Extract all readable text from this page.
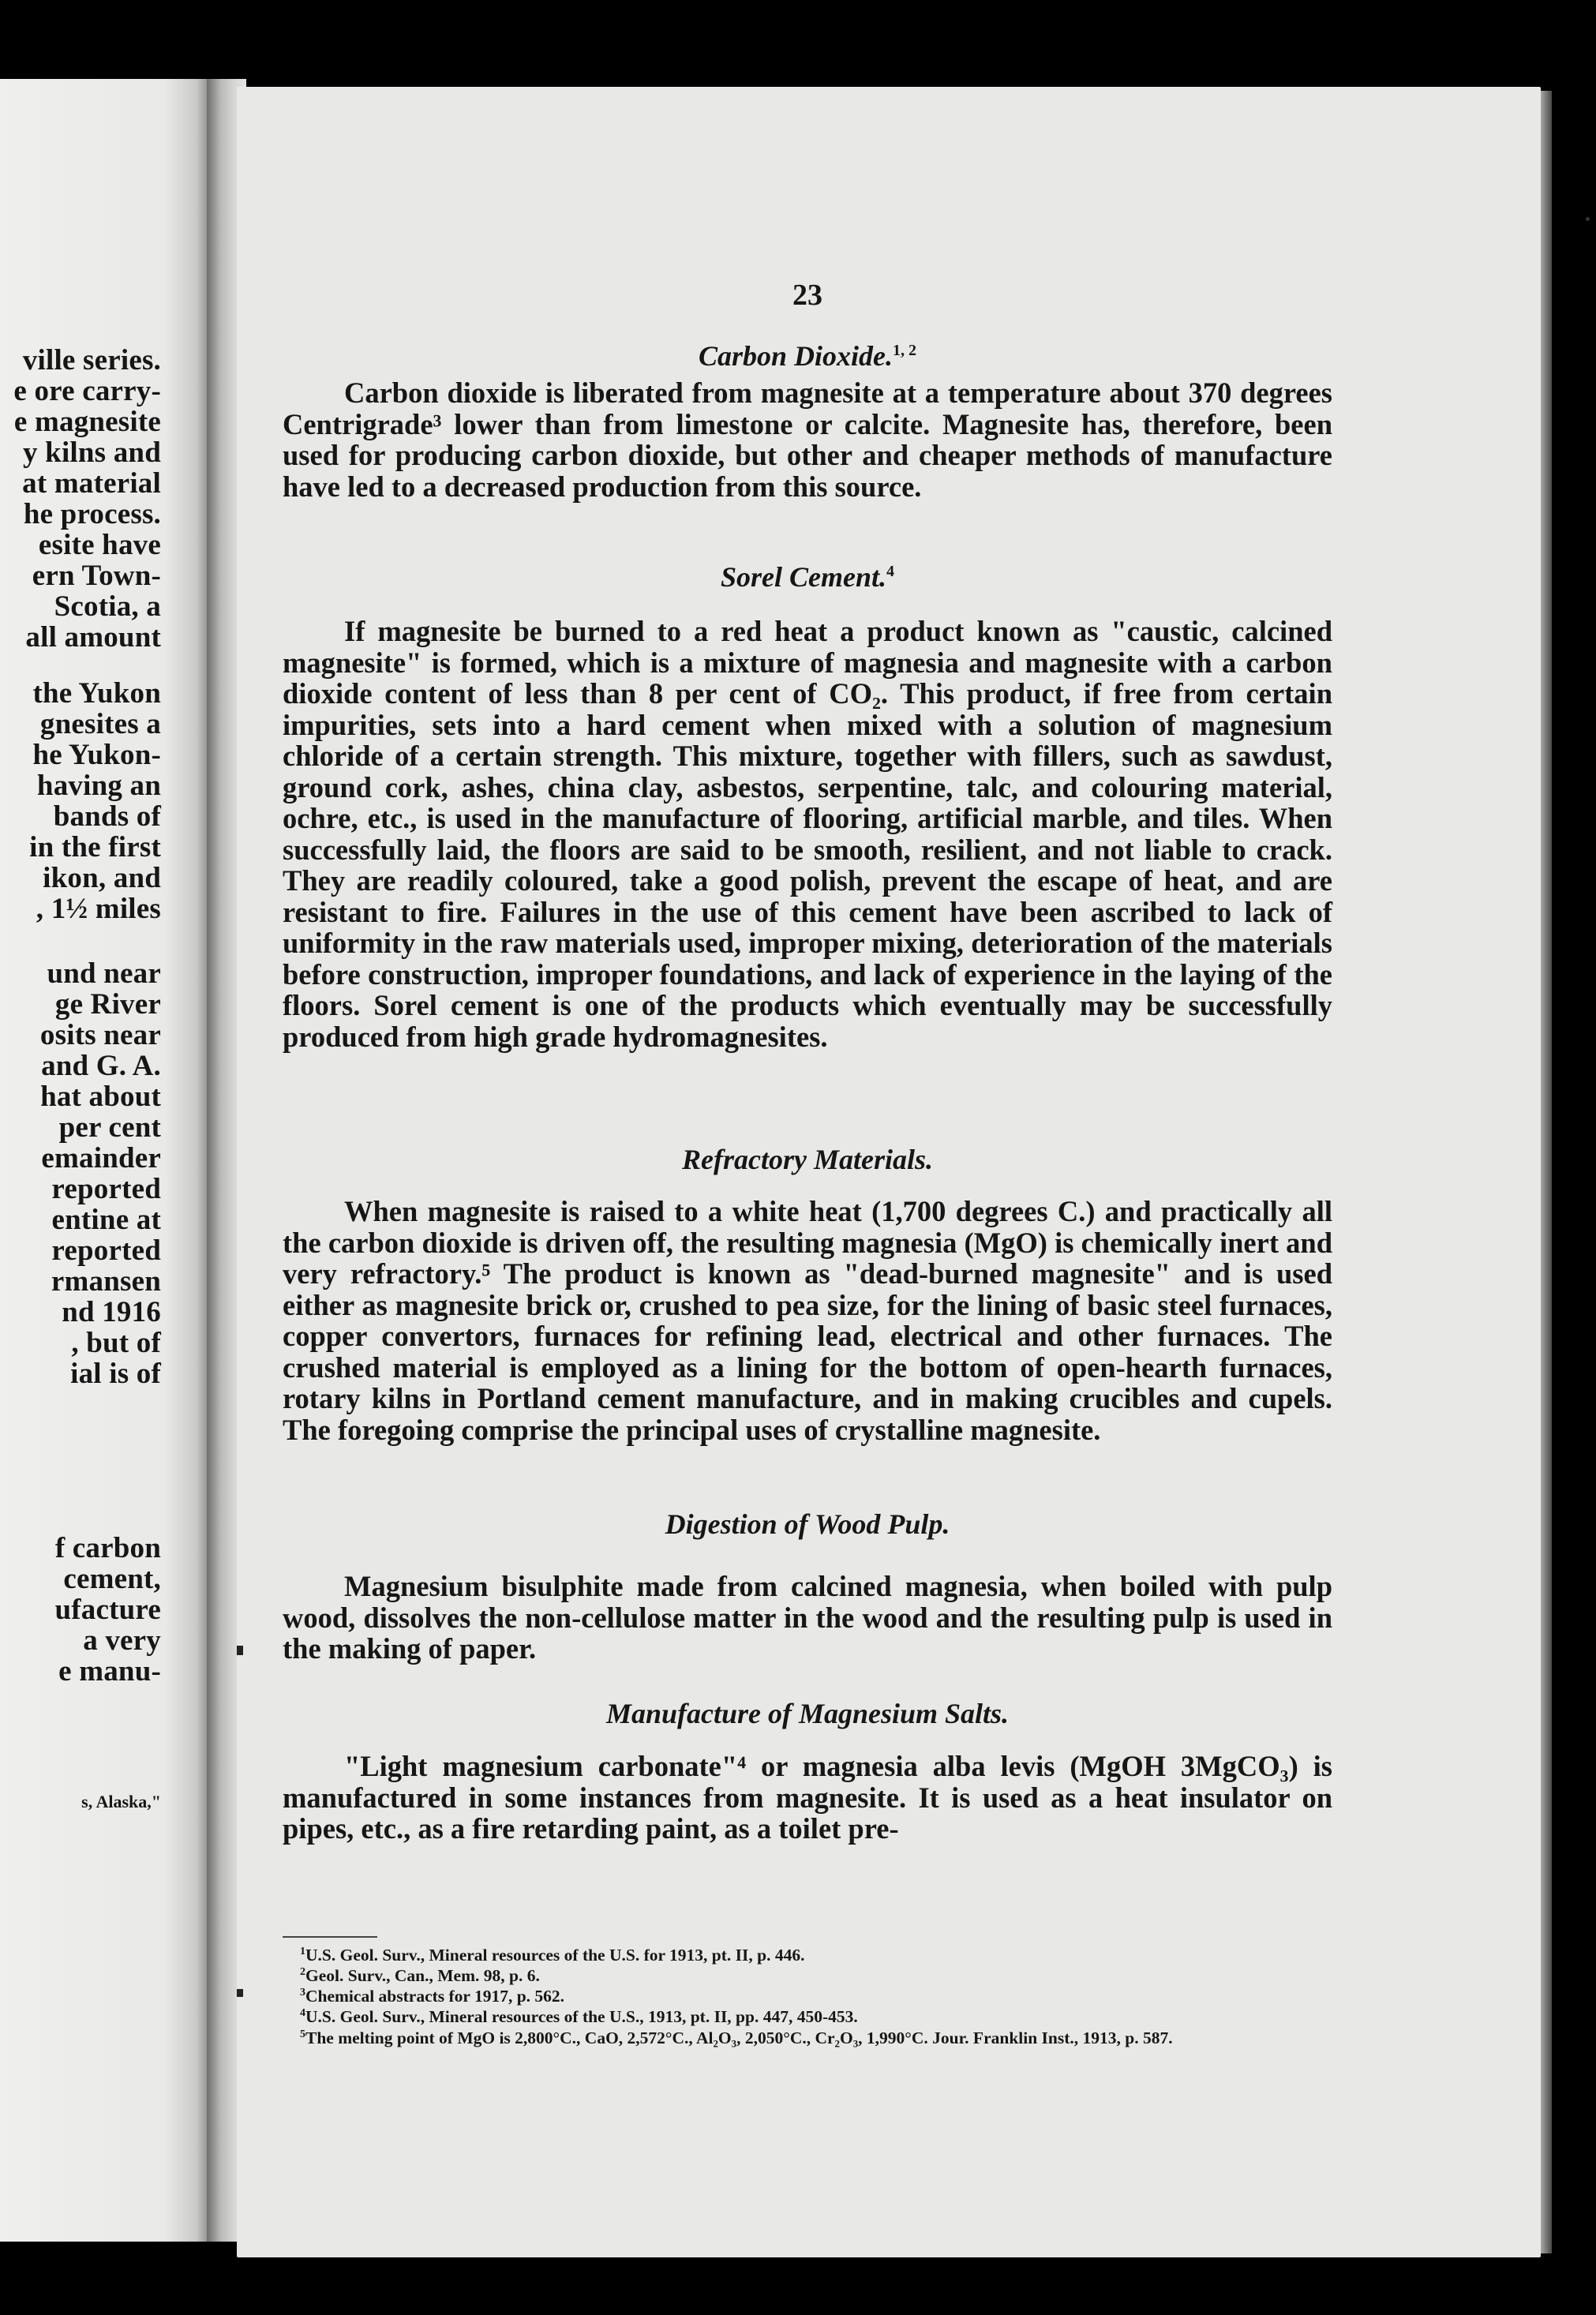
ville series.
e ore carry-
e magnesite
y kilns and
at material
he process.
esite have
ern Town-
Scotia, a
all amount
the Yukon
gnesites a
he Yukon-
having an
bands of
in the first
ikon, and
, 1½ miles
und near
ge River
osits near
and G. A.
hat about
per cent
emainder
reported
entine at
reported
rmansen
nd 1916
, but of
ial is of
f carbon
cement,
ufacture
a very
e manu-
s, Alaska,"
23
Carbon Dioxide.$^{1, 2}$

Carbon dioxide is liberated from magnesite at a temperature about 370 degrees Centrigrade³ lower than from limestone or calcite. Magnesite has, therefore, been used for producing carbon dioxide, but other and cheaper methods of manufacture have led to a decreased production from this source.

Sorel Cement.$^4$

If magnesite be burned to a red heat a product known as "caustic, calcined magnesite" is formed, which is a mixture of magnesia and magnesite with a carbon dioxide content of less than 8 per cent of CO₂. This product, if free from certain impurities, sets into a hard cement when mixed with a solution of magnesium chloride of a certain strength. This mixture, together with fillers, such as sawdust, ground cork, ashes, china clay, asbestos, serpentine, talc, and colouring material, ochre, etc., is used in the manufacture of flooring, artificial marble, and tiles. When successfully laid, the floors are said to be smooth, resilient, and not liable to crack. They are readily coloured, take a good polish, prevent the escape of heat, and are resistant to fire. Failures in the use of this cement have been ascribed to lack of uniformity in the raw materials used, improper mixing, deterioration of the materials before construction, improper foundations, and lack of experience in the laying of the floors. Sorel cement is one of the products which eventually may be successfully produced from high grade hydromagnesites.

Refractory Materials.

When magnesite is raised to a white heat (1,700 degrees C.) and practically all the carbon dioxide is driven off, the resulting magnesia (MgO) is chemically inert and very refractory.⁵ The product is known as "dead-burned magnesite" and is used either as magnesite brick or, crushed to pea size, for the lining of basic steel furnaces, copper convertors, furnaces for refining lead, electrical and other furnaces. The crushed material is employed as a lining for the bottom of open-hearth furnaces, rotary kilns in Portland cement manufacture, and in making crucibles and cupels. The foregoing comprise the principal uses of crystalline magnesite.

Digestion of Wood Pulp.

Magnesium bisulphite made from calcined magnesia, when boiled with pulp wood, dissolves the non-cellulose matter in the wood and the resulting pulp is used in the making of paper.

Manufacture of Magnesium Salts.

"Light magnesium carbonate"⁴ or magnesia alba levis (MgOH 3MgCO₃) is manufactured in some instances from magnesite. It is used as a heat insulator on pipes, etc., as a fire retarding paint, as a toilet pre-

$^1$U.S. Geol. Surv., Mineral resources of the U.S. for 1913, pt. II, p. 446.
$^2$Geol. Surv., Can., Mem. 98, p. 6.
$^3$Chemical abstracts for 1917, p. 562.
$^4$U.S. Geol. Surv., Mineral resources of the U.S., 1913, pt. II, pp. 447, 450-453.
$^5$The melting point of MgO is 2,800°C., CaO, 2,572°C., Al₂O₃, 2,050°C., Cr₂O₃, 1,990°C. Jour. Franklin Inst., 1913, p. 587.
